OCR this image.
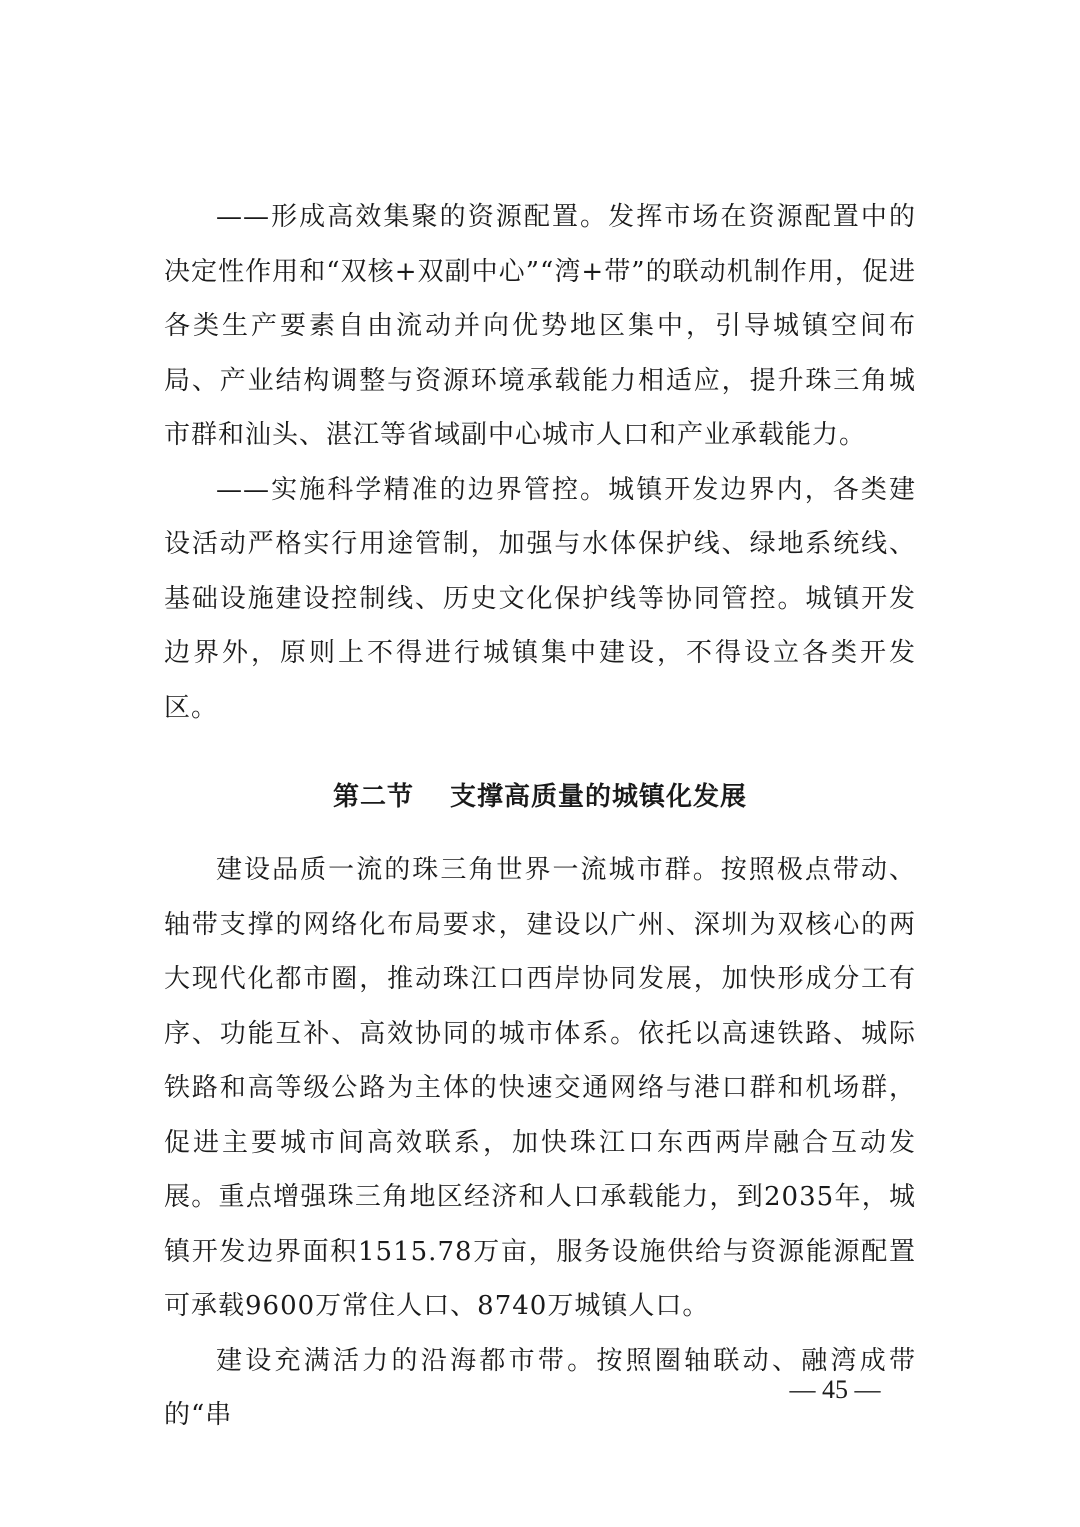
——形成高效集聚的资源配置。发挥市场在资源配置中的决定性作用和“双核+双副中心”“湾+带”的联动机制作用，促进各类生产要素自由流动并向优势地区集中，引导城镇空间布局、产业结构调整与资源环境承载能力相适应，提升珠三角城市群和汕头、湛江等省域副中心城市人口和产业承载能力。

——实施科学精准的边界管控。城镇开发边界内，各类建设活动严格实行用途管制，加强与水体保护线、绿地系统线、基础设施建设控制线、历史文化保护线等协同管控。城镇开发边界外，原则上不得进行城镇集中建设，不得设立各类开发区。

第二节 支撑高质量的城镇化发展

建设品质一流的珠三角世界一流城市群。按照极点带动、轴带支撑的网络化布局要求，建设以广州、深圳为双核心的两大现代化都市圈，推动珠江口西岸协同发展，加快形成分工有序、功能互补、高效协同的城市体系。依托以高速铁路、城际铁路和高等级公路为主体的快速交通网络与港口群和机场群，促进主要城市间高效联系，加快珠江口东西两岸融合互动发展。重点增强珠三角地区经济和人口承载能力，到2035年，城镇开发边界面积1515.78万亩，服务设施供给与资源能源配置可承载9600万常住人口、8740万城镇人口。

建设充满活力的沿海都市带。按照圈轴联动、融湾成带的“串

— 45 —
